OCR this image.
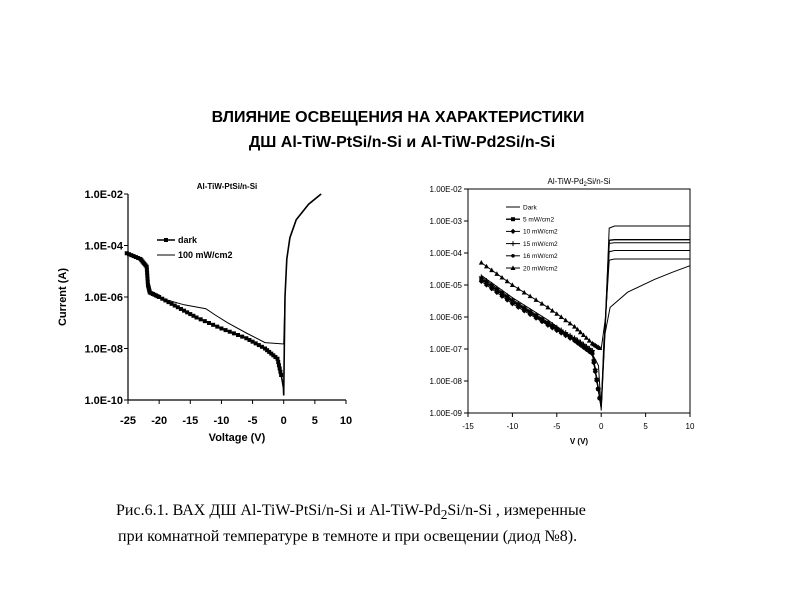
ВЛИЯНИЕ ОСВЕЩЕНИЯ НА ХАРАКТЕРИСТИКИ
ДШ Al-TiW-PtSi/n-Si и Al-TiW-Pd2Si/n-Si
-25 -20 -15 -10 -5 0 5 10
1.0E-10
1.0E-08
1.0E-06
1.0E-04
1.0E-02
Voltage (V)
Current (A)
Al-TiW-PtSi/n-Si
dark
100 mW/cm2
-15	-10	-5	0	5	10
1.00E-09
1.00E-08
1.00E-07
1.00E-06
1.00E-05
1.00E-04
1.00E-03
1.00E-02
V (V)
$Al-TiW-Pd_2Si/n-Si$
Dark
5 mW/cm2
10 mW/cm2
15 mW/cm2
16 mW/cm2
20 mW/cm2
Рис.6.1. ВАХ ДШ Al-TiW-PtSi/n-Si и $Al-TiW-Pd_2Si/n-Si$ , измеренные
при комнатной температуре в темноте и при освещении (диод №8).
